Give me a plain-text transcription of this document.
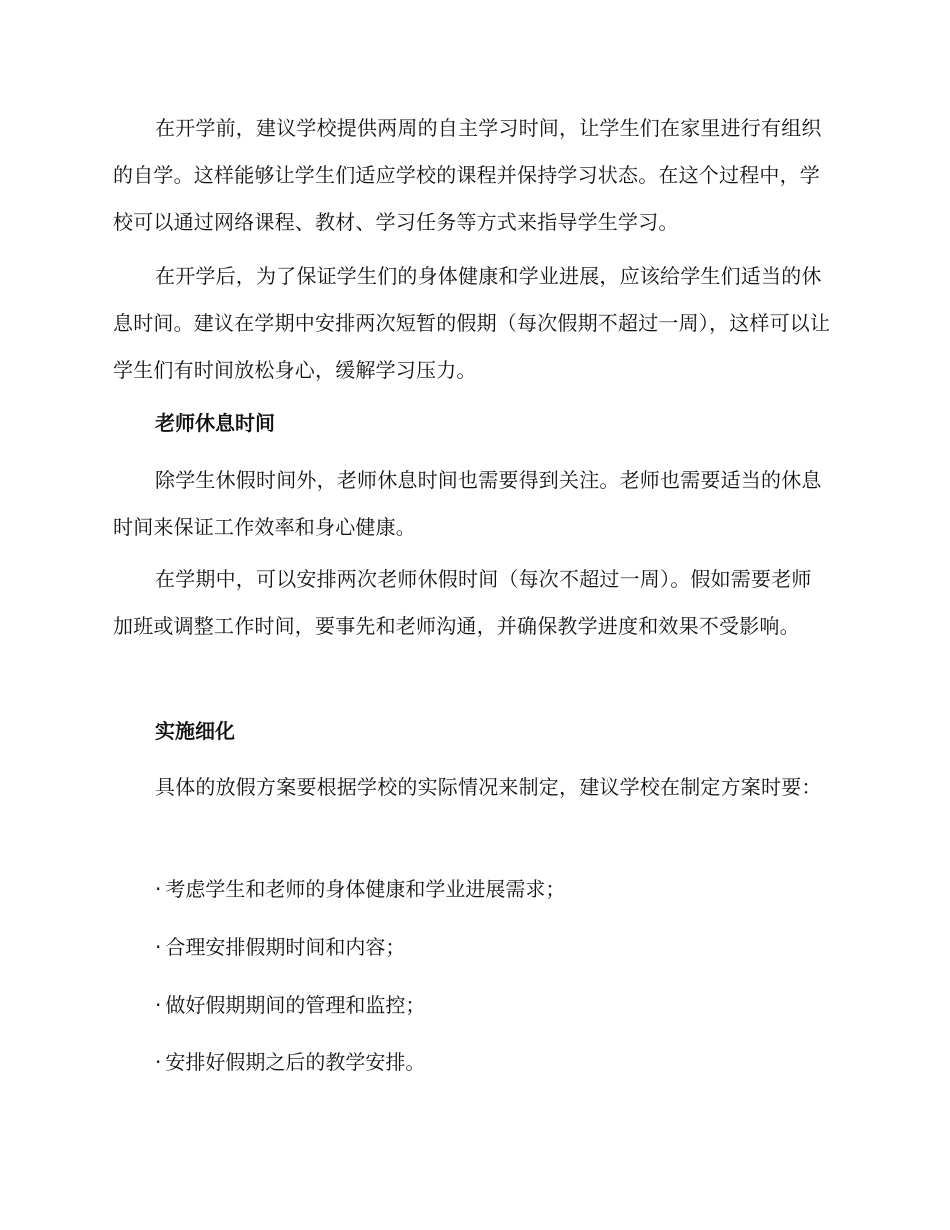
在开学前，建议学校提供两周的自主学习时间，让学生们在家里进行有组织的自学。这样能够让学生们适应学校的课程并保持学习状态。在这个过程中，学校可以通过网络课程、教材、学习任务等方式来指导学生学习。

在开学后，为了保证学生们的身体健康和学业进展，应该给学生们适当的休息时间。建议在学期中安排两次短暂的假期（每次假期不超过一周），这样可以让学生们有时间放松身心，缓解学习压力。

老师休息时间

除学生休假时间外，老师休息时间也需要得到关注。老师也需要适当的休息时间来保证工作效率和身心健康。

在学期中，可以安排两次老师休假时间（每次不超过一周）。假如需要老师加班或调整工作时间，要事先和老师沟通，并确保教学进度和效果不受影响。

实施细化

具体的放假方案要根据学校的实际情况来制定，建议学校在制定方案时要：

· 考虑学生和老师的身体健康和学业进展需求；

· 合理安排假期时间和内容；

· 做好假期期间的管理和监控；

· 安排好假期之后的教学安排。
